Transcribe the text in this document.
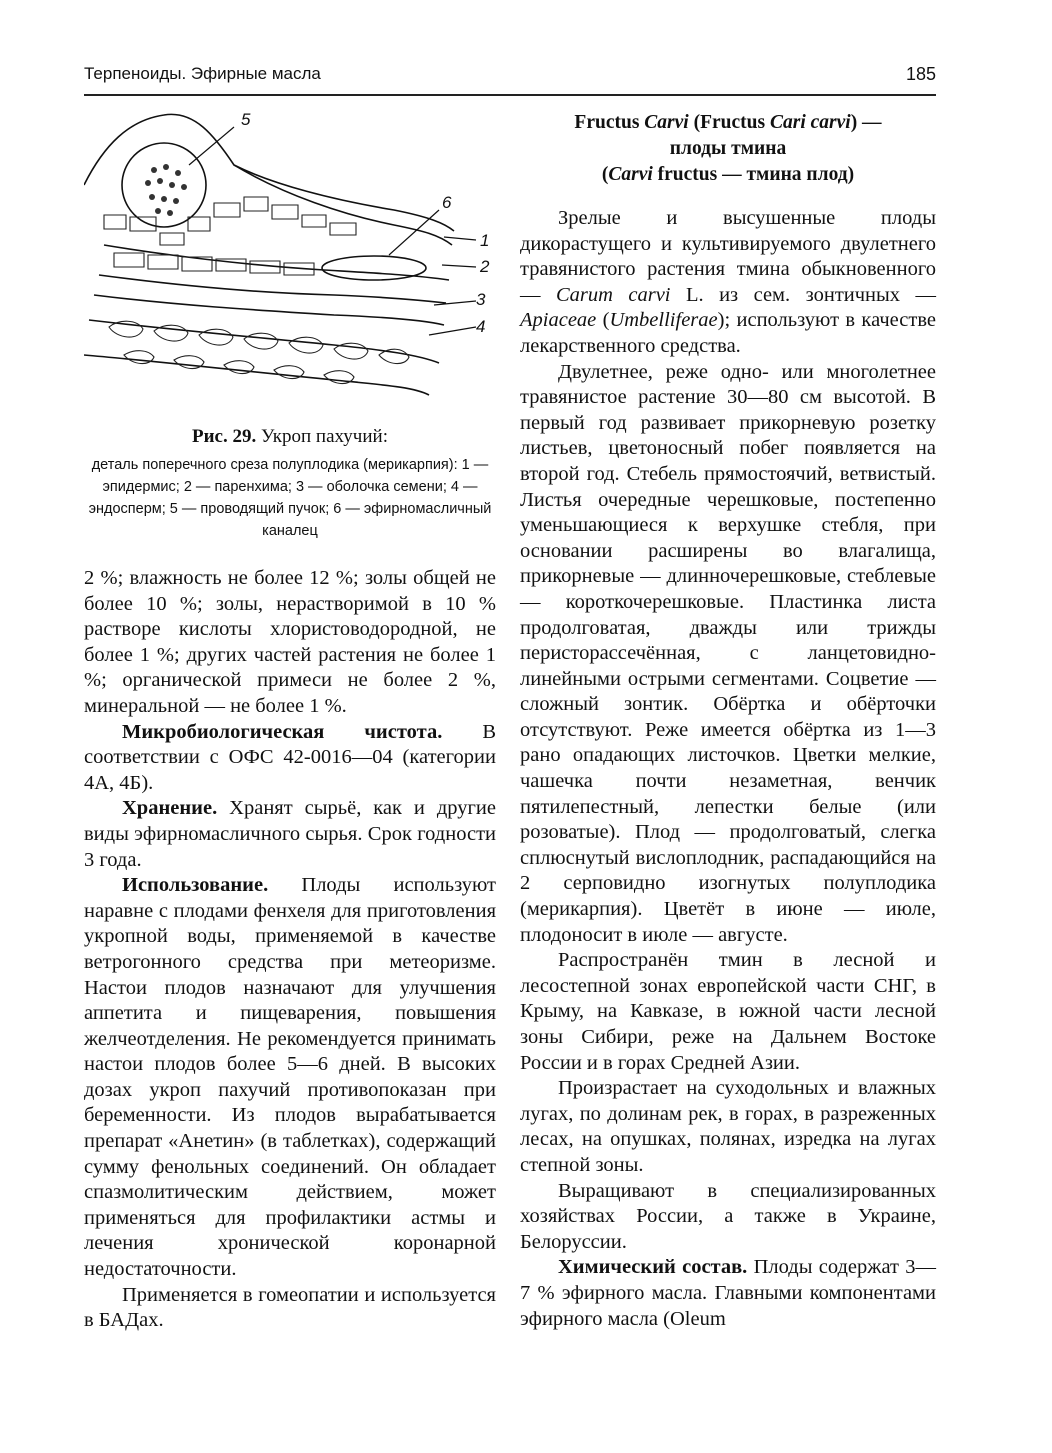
Терпеноиды. Эфирные масла	185
1
2
3
4
5
6
Рис. 29. Укроп пахучий:
деталь поперечного среза полуплодика (мерикарпия): 1 — эпидермис; 2 — паренхима; 3 — оболочка семени; 4 — эндосперм; 5 — проводящий пучок; 6 — эфирномасличный каналец

2 %; влажность не более 12 %; золы общей не более 10 %; золы, нерастворимой в 10 % растворе кислоты хлористоводородной, не более 1 %; других частей растения не более 1 %; органической примеси не более 2 %, минеральной — не более 1 %.

Микробиологическая чистота. В соответствии с ОФС 42-0016—04 (категории 4А, 4Б).

Хранение. Хранят сырьё, как и другие виды эфирномасличного сырья. Срок годности 3 года.

Использование. Плоды используют наравне с плодами фенхеля для приготовления укропной воды, применяемой в качестве ветрогонного средства при метеоризме. Настои плодов назначают для улучшения аппетита и пищеварения, повышения желчеотделения. Не рекомендуется принимать настои плодов более 5—6 дней. В высоких дозах укроп пахучий противопоказан при беременности. Из плодов вырабатывается препарат «Анетин» (в таблетках), содержащий сумму фенольных соединений. Он обладает спазмолитическим действием, может применяться для профилактики астмы и лечения хронической коронарной недостаточности.

Применяется в гомеопатии и используется в БАДах.

Fructus Carvi (Fructus Cari carvi) —
плоды тмина
(Carvi fructus — тмина плод)

Зрелые и высушенные плоды дикорастущего и культивируемого двулетнего травянистого растения тмина обыкновенного — Carum carvi L. из сем. зонтичных — Apiaceae (Umbelliferae); используют в качестве лекарственного средства.

Двулетнее, реже одно- или многолетнее травянистое растение 30—80 см высотой. В первый год развивает прикорневую розетку листьев, цветоносный побег появляется на второй год. Стебель прямостоячий, ветвистый. Листья очередные черешковые, постепенно уменьшающиеся к верхушке стебля, при основании расширены во влагалища, прикорневые — длинночерешковые, стеблевые — короткочерешковые. Пластинка листа продолговатая, дважды или трижды перисторассечённая, с ланцетовидно-линейными острыми сегментами. Соцветие — сложный зонтик. Обёртка и обёрточки отсутствуют. Реже имеется обёртка из 1—3 рано опадающих листочков. Цветки мелкие, чашечка почти незаметная, венчик пятилепестный, лепестки белые (или розоватые). Плод — продолговатый, слегка сплюснутый вислоплодник, распадающийся на 2 серповидно изогнутых полуплодика (мерикарпия). Цветёт в июне — июле, плодоносит в июле — августе.

Распространён тмин в лесной и лесостепной зонах европейской части СНГ, в Крыму, на Кавказе, в южной части лесной зоны Сибири, реже на Дальнем Востоке России и в горах Средней Азии.

Произрастает на суходольных и влажных лугах, по долинам рек, в горах, в разреженных лесах, на опушках, полянах, изредка на лугах степной зоны.

Выращивают в специализированных хозяйствах России, а также в Украине, Белоруссии.

Химический состав. Плоды содержат 3—7 % эфирного масла. Главными компонентами эфирного масла (Oleum
